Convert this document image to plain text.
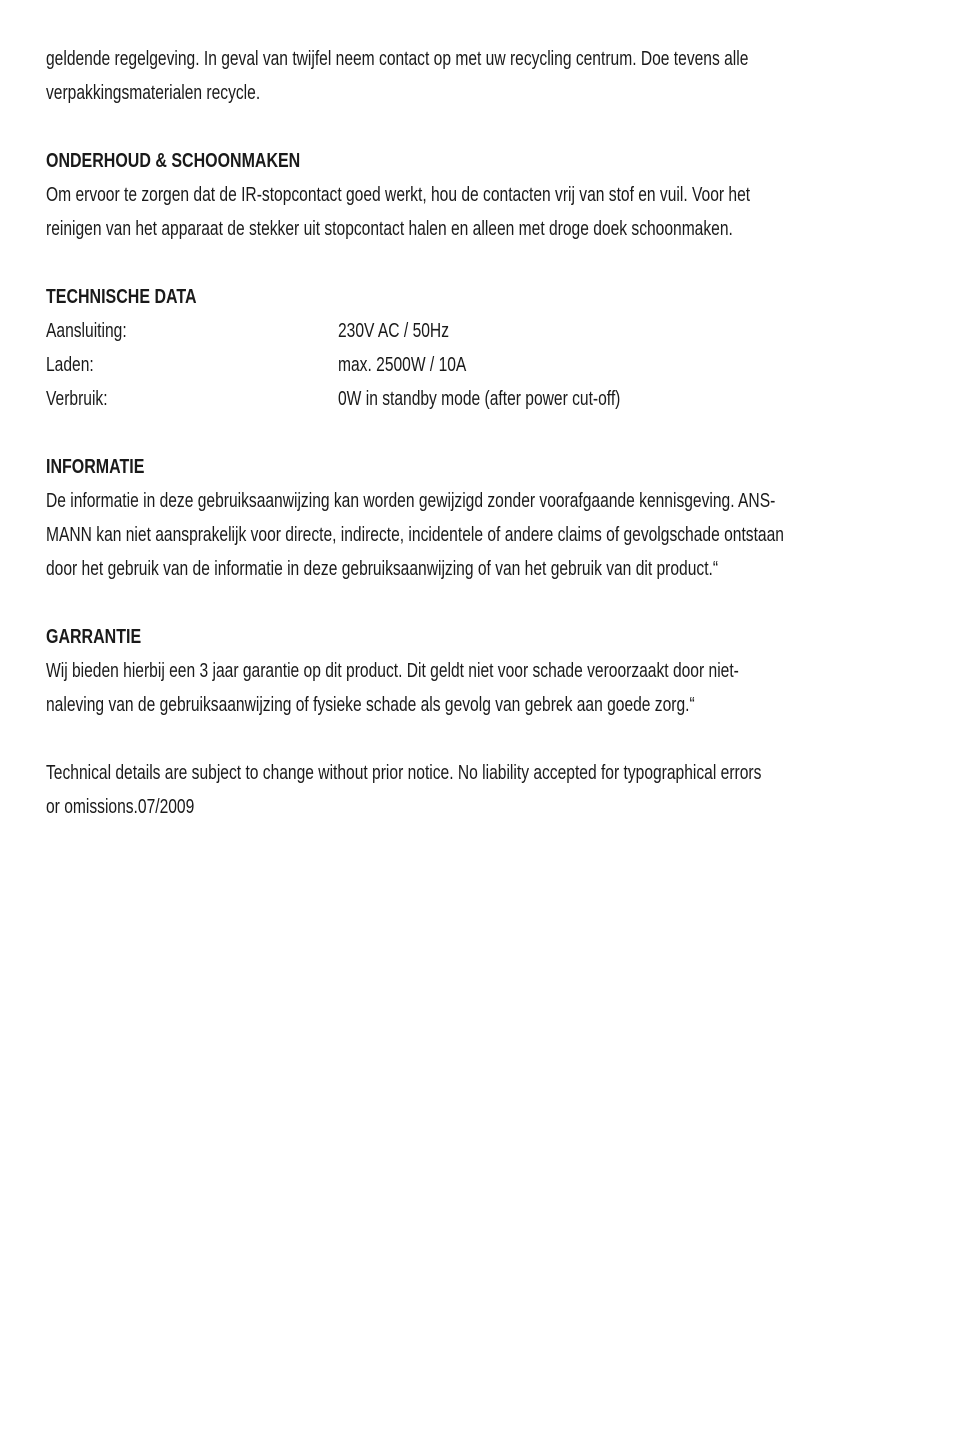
geldende regelgeving. In geval van twijfel neem contact op met uw recycling centrum. Doe tevens alle
verpakkingsmaterialen recycle.
ONDERHOUD & SCHOONMAKEN
Om ervoor te zorgen dat de IR-stopcontact goed werkt, hou de contacten vrij van stof en vuil. Voor het
reinigen van het apparaat de stekker uit stopcontact halen en alleen met droge doek schoonmaken.
TECHNISCHE DATA
Aansluiting:	230V AC / 50Hz
Laden:	max. 2500W / 10A
Verbruik:	0W in standby mode (after power cut-off)
INFORMATIE
De informatie in deze gebruiksaanwijzing kan worden gewijzigd zonder voorafgaande kennisgeving. ANS-
MANN kan niet aansprakelijk voor directe, indirecte, incidentele of andere claims of gevolgschade ontstaan
door het gebruik van de informatie in deze gebruiksaanwijzing of van het gebruik van dit product.“
GARRANTIE
Wij bieden hierbij een 3 jaar garantie op dit product. Dit geldt niet voor schade veroorzaakt door niet-
naleving van de gebruiksaanwijzing of fysieke schade als gevolg van gebrek aan goede zorg.“
Technical details are subject to change without prior notice. No liability accepted for typographical errors
or omissions.07/2009
